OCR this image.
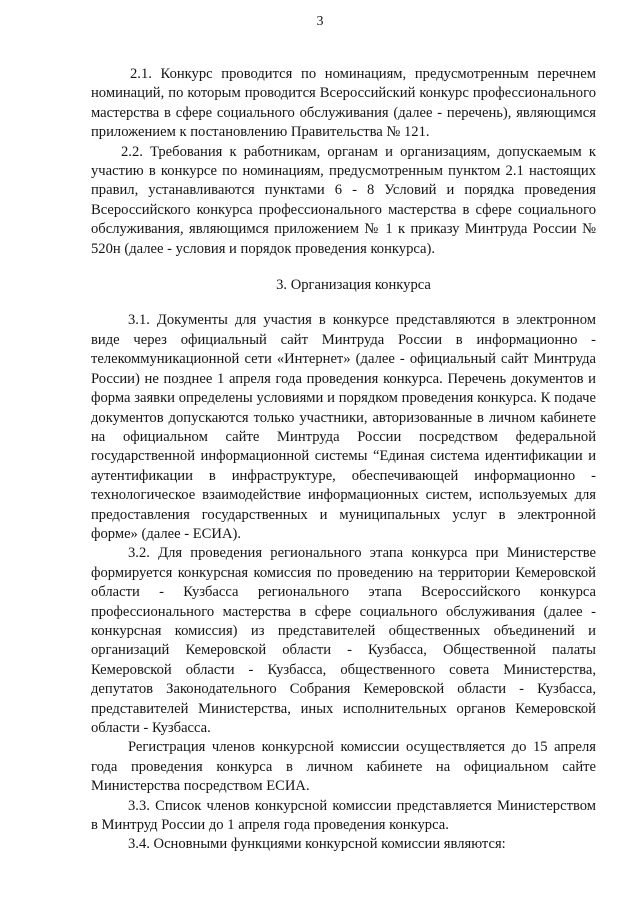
3

2.1. Конкурс проводится по номинациям, предусмотренным перечнем номинаций, по которым проводится Всероссийский конкурс профессионального мастерства в сфере социального обслуживания (далее - перечень), являющимся приложением к постановлению Правительства № 121.

2.2. Требования к работникам, органам и организациям, допускаемым к участию в конкурсе по номинациям, предусмотренным пунктом 2.1 настоящих правил, устанавливаются пунктами 6 - 8 Условий и порядка проведения Всероссийского конкурса профессионального мастерства в сфере социального обслуживания, являющимся приложением № 1 к приказу Минтруда России № 520н (далее - условия и порядок проведения конкурса).

3. Организация конкурса

3.1. Документы для участия в конкурсе представляются в электронном виде через официальный сайт Минтруда России в информационно - телекоммуникационной сети «Интернет» (далее - официальный сайт Минтруда России) не позднее 1 апреля года проведения конкурса. Перечень документов и форма заявки определены условиями и порядком проведения конкурса. К подаче документов допускаются только участники, авторизованные в личном кабинете на официальном сайте Минтруда России посредством федеральной государственной информационной системы “Единая система идентификации и аутентификации в инфраструктуре, обеспечивающей информационно - технологическое взаимодействие информационных систем, используемых для предоставления государственных и муниципальных услуг в электронной форме» (далее - ЕСИА).

3.2. Для проведения регионального этапа конкурса при Министерстве формируется конкурсная комиссия по проведению на территории Кемеровской области - Кузбасса регионального этапа Всероссийского конкурса профессионального мастерства в сфере социального обслуживания (далее - конкурсная комиссия) из представителей общественных объединений и организаций Кемеровской области - Кузбасса, Общественной палаты Кемеровской области - Кузбасса, общественного совета Министерства, депутатов Законодательного Собрания Кемеровской области - Кузбасса, представителей Министерства, иных исполнительных органов Кемеровской области - Кузбасса.

Регистрация членов конкурсной комиссии осуществляется до 15 апреля года проведения конкурса в личном кабинете на официальном сайте Министерства посредством ЕСИА.

3.3. Список членов конкурсной комиссии представляется Министерством в Минтруд России до 1 апреля года проведения конкурса.

3.4. Основными функциями конкурсной комиссии являются:
